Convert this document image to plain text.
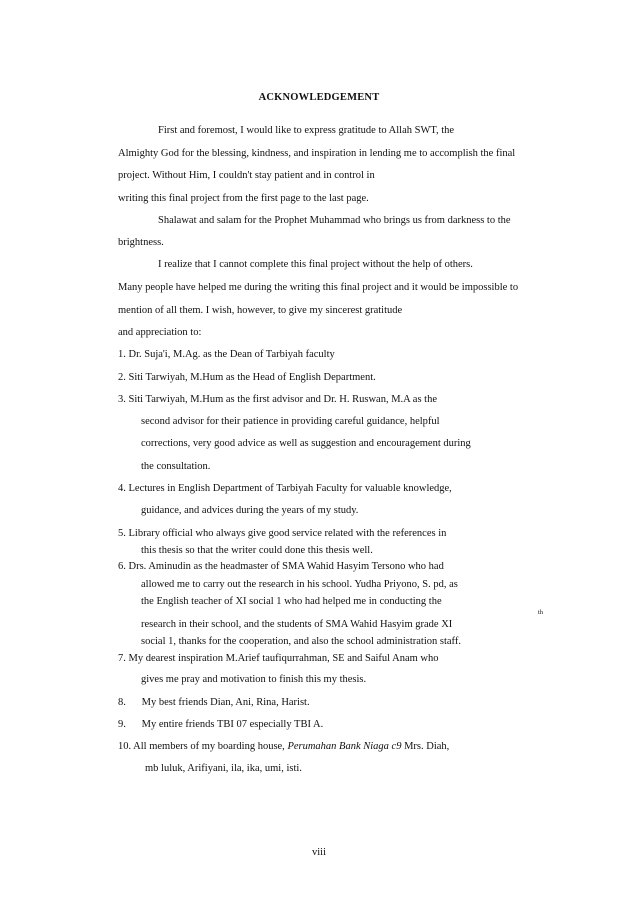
ACKNOWLEDGEMENT
First and foremost, I would like to express gratitude to Allah SWT, the
Almighty God for the blessing, kindness, and inspiration in lending me to accomplish the final
project. Without Him, I couldn't stay patient and in control in
writing this final project from the first page to the last page.
Shalawat and salam for the Prophet Muhammad who brings us from darkness to the
brightness.
I realize that I cannot complete this final project without the help of others.
Many people have helped me during the writing this final project and it would be impossible to
mention of all them. I wish, however, to give my sincerest gratitude
and appreciation to:
1. Dr. Suja'i, M.Ag. as the Dean of Tarbiyah faculty
2. Siti Tarwiyah, M.Hum as the Head of English Department.
3. Siti Tarwiyah, M.Hum as the first advisor and Dr. H. Ruswan, M.A as the
second advisor for their patience in providing careful guidance, helpful
corrections, very good advice as well as suggestion and encouragement during
the consultation.
4. Lectures in English Department of Tarbiyah Faculty for valuable knowledge,
guidance, and advices during the years of my study.
5. Library official who always give good service related with the references in
this thesis so that the writer could done this thesis well.
6. Drs. Aminudin as the headmaster of SMA Wahid Hasyim Tersono who had
allowed me to carry out the research in his school. Yudha Priyono, S. pd, as
the English teacher of XI social 1 who had helped me in conducting the
th
research in their school, and the students of SMA Wahid Hasyim grade XI
social 1, thanks for the cooperation, and also the school administration staff.
7. My dearest inspiration M.Arief taufiqurrahman, SE and Saiful Anam who
gives me pray and motivation to finish this my thesis.
8.      My best friends Dian, Ani, Rina, Harist.
9.      My entire friends TBI 07 especially TBI A.
10. All members of my boarding house, Perumahan Bank Niaga c9 Mrs. Diah,
mb luluk, Arifiyani, ila, ika, umi, isti.
viii
